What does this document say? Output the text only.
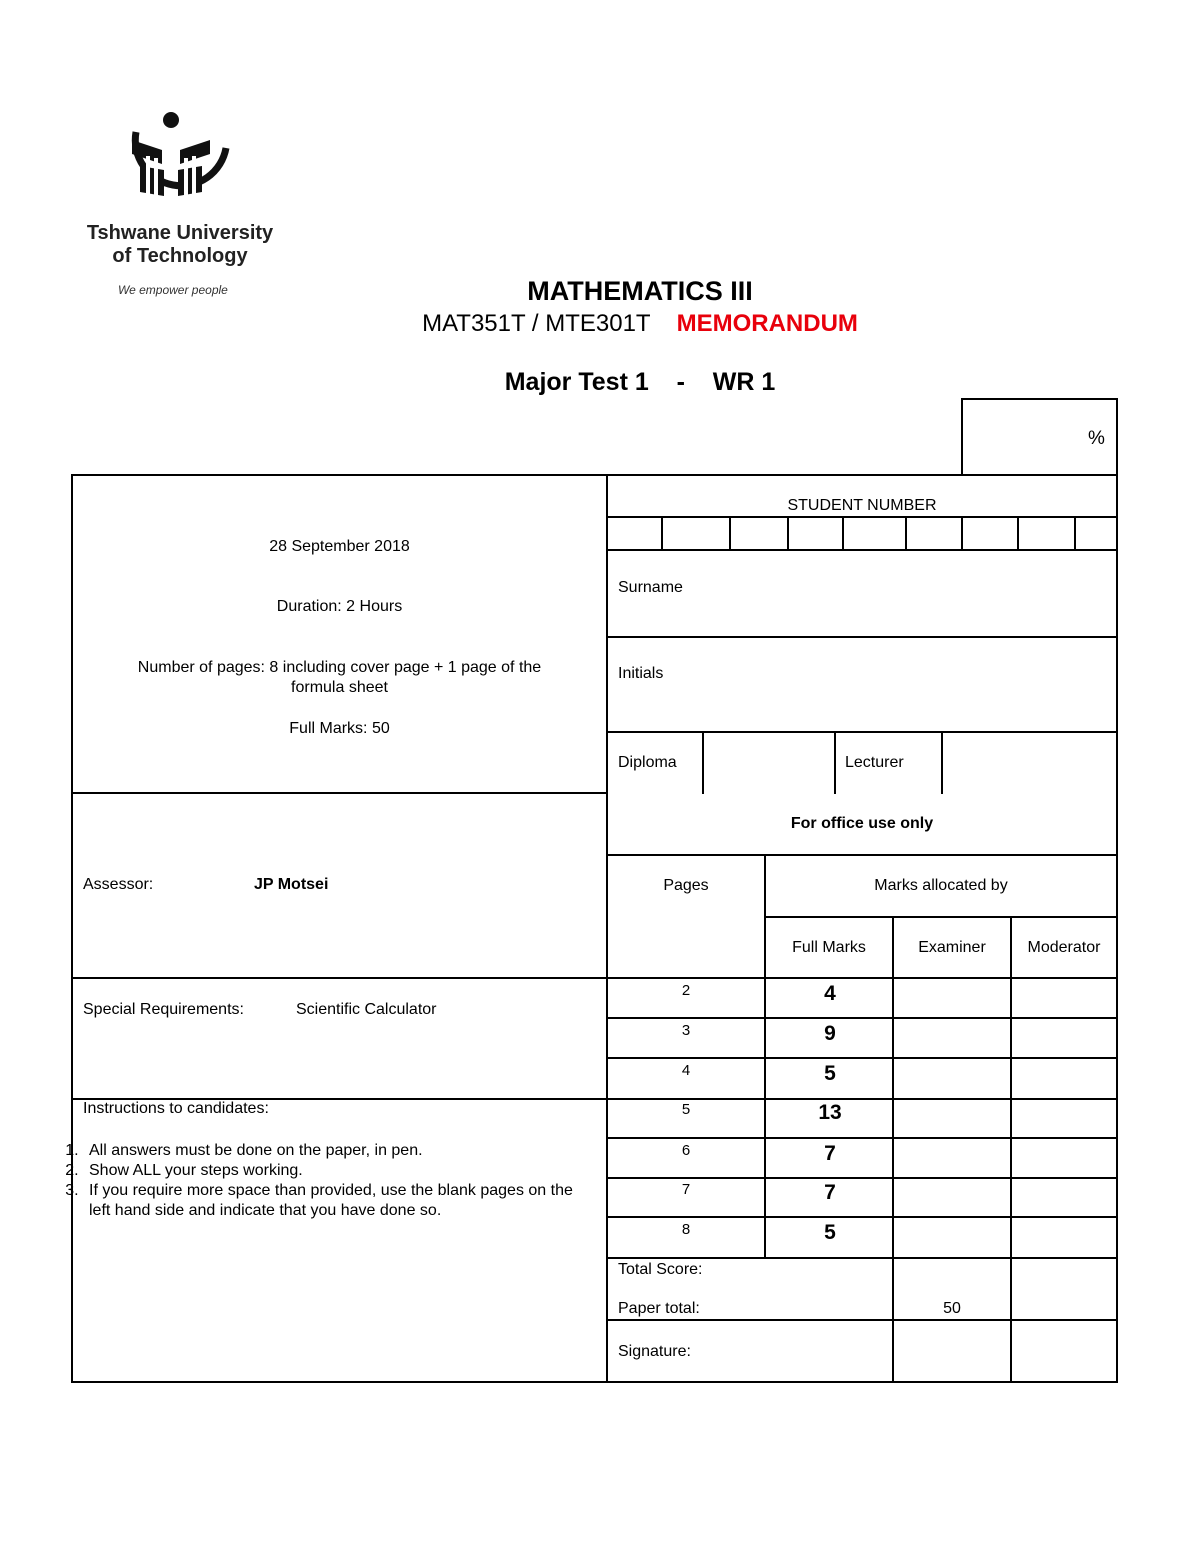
Tshwane University
of Technology
We empower people	MATHEMATICS III
MAT351T / MTE301T MEMORANDUM
Major Test 1 - WR 1
%
28 September 2018
Duration: 2 Hours
Number of pages: 8 including cover page + 1 page of the
formula sheet
Full Marks: 50
Assessor:	JP Motsei
Special Requirements:	Scientific Calculator
Instructions to candidates:
1. All answers must be done on the paper, in pen.
2. Show ALL your steps working.
3. If you require more space than provided, use the blank pages on the left hand side and indicate that you have done so.
STUDENT NUMBER
Surname
Initials
Diploma	Lecturer
For office use only
Pages	Marks allocated by
Full Marks	Examiner	Moderator
2	4
3	9
4	5
5	13
6	7
7	7
8	5
Total Score:
Paper total:	50
Signature:
